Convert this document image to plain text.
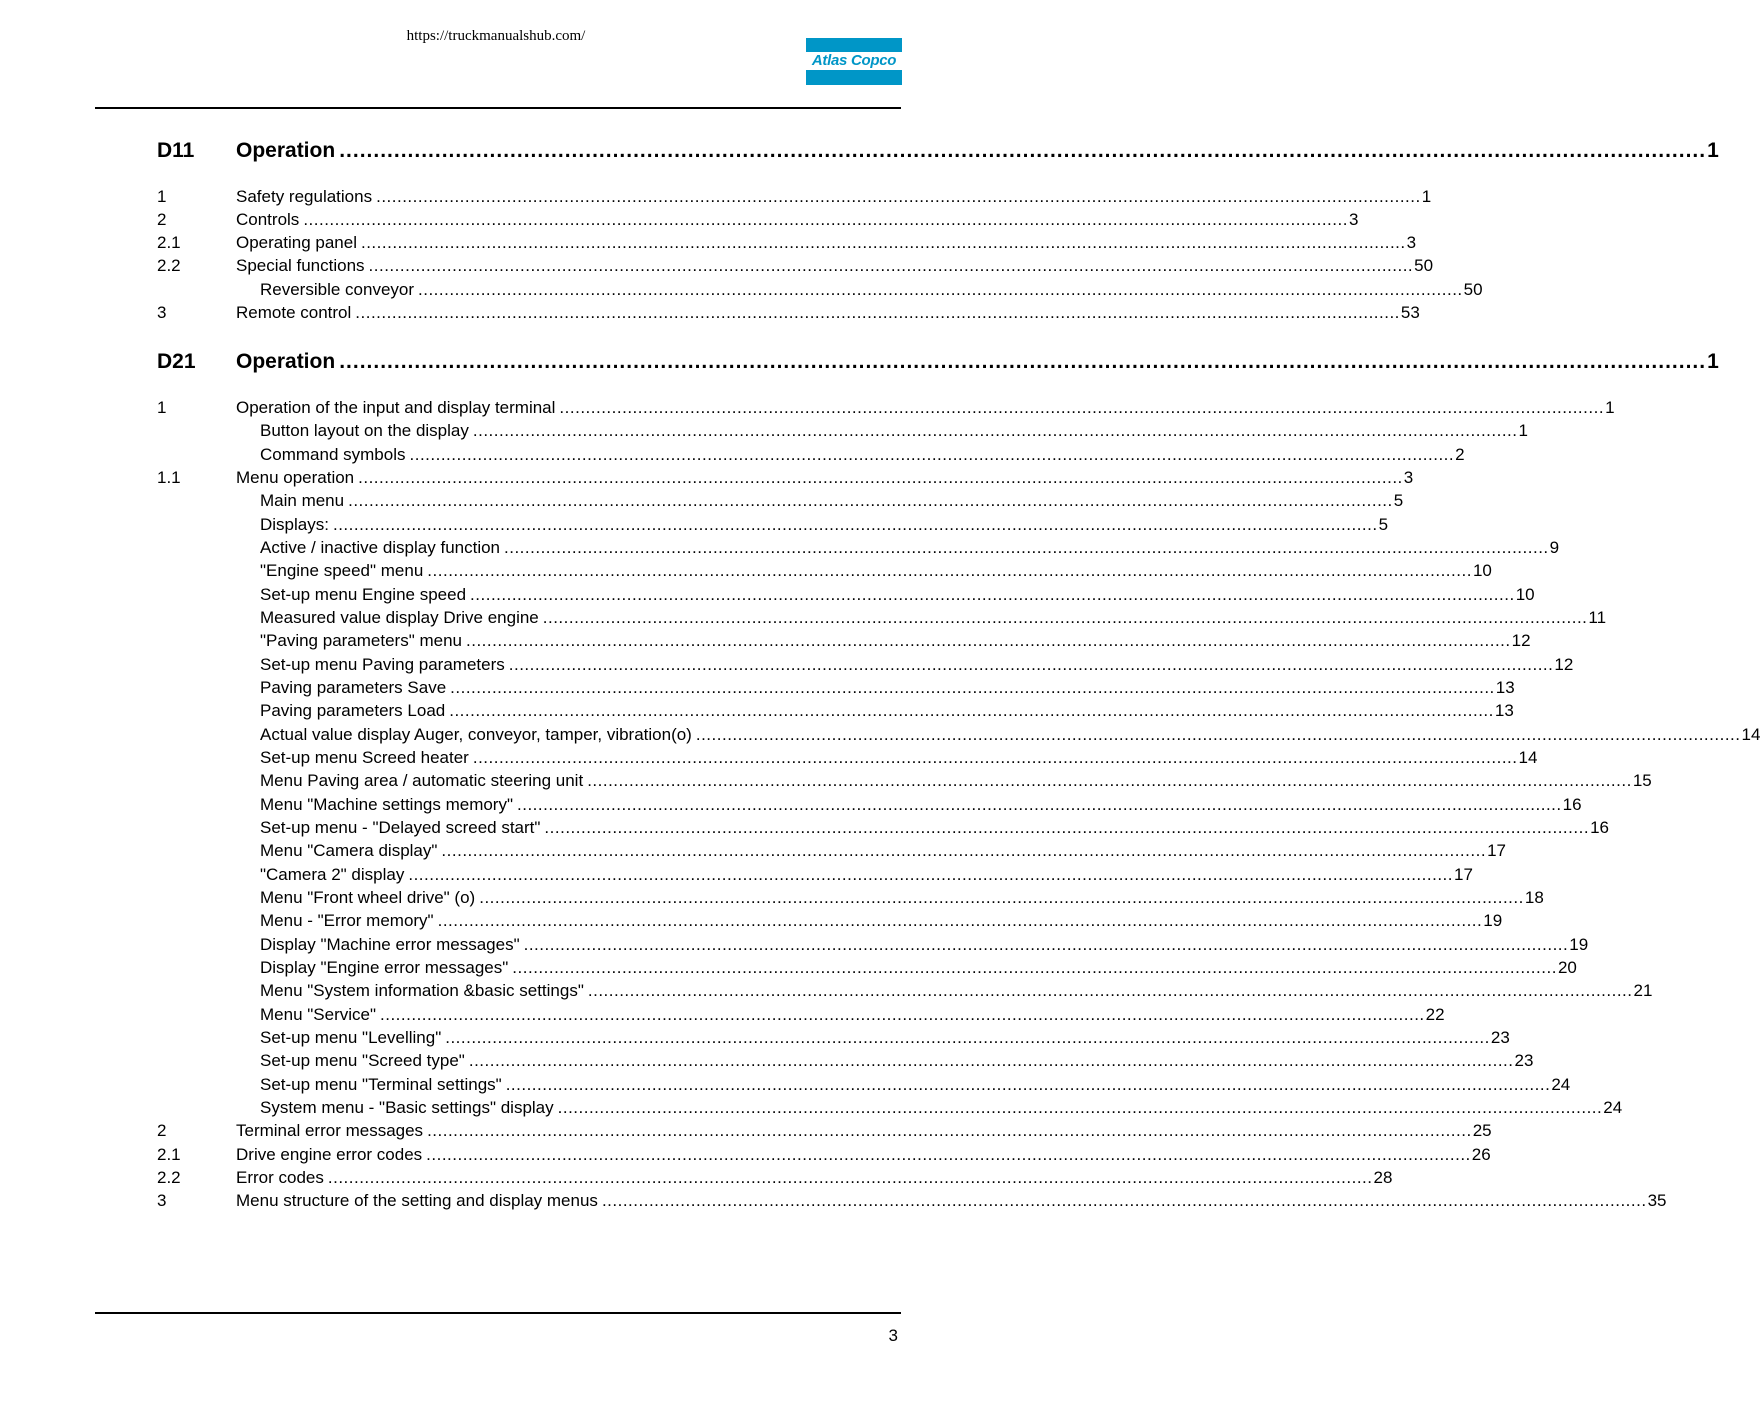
https://truckmanualshub.com/
Atlas Copco
D11	Operation ........................................................................................................................................................................................................ 1
1	Safety regulations ........................................................................................................................................................................................................ 1
2	Controls ........................................................................................................................................................................................................ 3
2.1	Operating panel ........................................................................................................................................................................................................ 3
2.2	Special functions ........................................................................................................................................................................................................ 50
Reversible conveyor ........................................................................................................................................................................................................ 50
3	Remote control ........................................................................................................................................................................................................ 53
D21	Operation ........................................................................................................................................................................................................ 1
1	Operation of the input and display terminal ........................................................................................................................................................................................................ 1
Button layout on the display ........................................................................................................................................................................................................ 1
Command symbols ........................................................................................................................................................................................................ 2
1.1	Menu operation ........................................................................................................................................................................................................ 3
Main menu ........................................................................................................................................................................................................ 5
Displays: ........................................................................................................................................................................................................ 5
Active / inactive display function ........................................................................................................................................................................................................ 9
"Engine speed" menu ........................................................................................................................................................................................................ 10
Set-up menu Engine speed ........................................................................................................................................................................................................ 10
Measured value display Drive engine ........................................................................................................................................................................................................ 11
"Paving parameters" menu ........................................................................................................................................................................................................ 12
Set-up menu Paving parameters ........................................................................................................................................................................................................ 12
Paving parameters Save ........................................................................................................................................................................................................ 13
Paving parameters Load ........................................................................................................................................................................................................ 13
Actual value display Auger, conveyor, tamper, vibration(o) ........................................................................................................................................................................................................ 14
Set-up menu Screed heater ........................................................................................................................................................................................................ 14
Menu Paving area / automatic steering unit ........................................................................................................................................................................................................ 15
Menu "Machine settings memory" ........................................................................................................................................................................................................ 16
Set-up menu - "Delayed screed start" ........................................................................................................................................................................................................ 16
Menu "Camera display" ........................................................................................................................................................................................................ 17
"Camera 2" display ........................................................................................................................................................................................................ 17
Menu "Front wheel drive" (o) ........................................................................................................................................................................................................ 18
Menu - "Error memory" ........................................................................................................................................................................................................ 19
Display "Machine error messages" ........................................................................................................................................................................................................ 19
Display "Engine error messages" ........................................................................................................................................................................................................ 20
Menu "System information &basic settings" ........................................................................................................................................................................................................ 21
Menu "Service" ........................................................................................................................................................................................................ 22
Set-up menu "Levelling" ........................................................................................................................................................................................................ 23
Set-up menu "Screed type" ........................................................................................................................................................................................................ 23
Set-up menu "Terminal settings" ........................................................................................................................................................................................................ 24
System menu - "Basic settings" display ........................................................................................................................................................................................................ 24
2	Terminal error messages ........................................................................................................................................................................................................ 25
2.1	Drive engine error codes ........................................................................................................................................................................................................ 26
2.2	Error codes ........................................................................................................................................................................................................ 28
3	Menu structure of the setting and display menus ........................................................................................................................................................................................................ 35
3
